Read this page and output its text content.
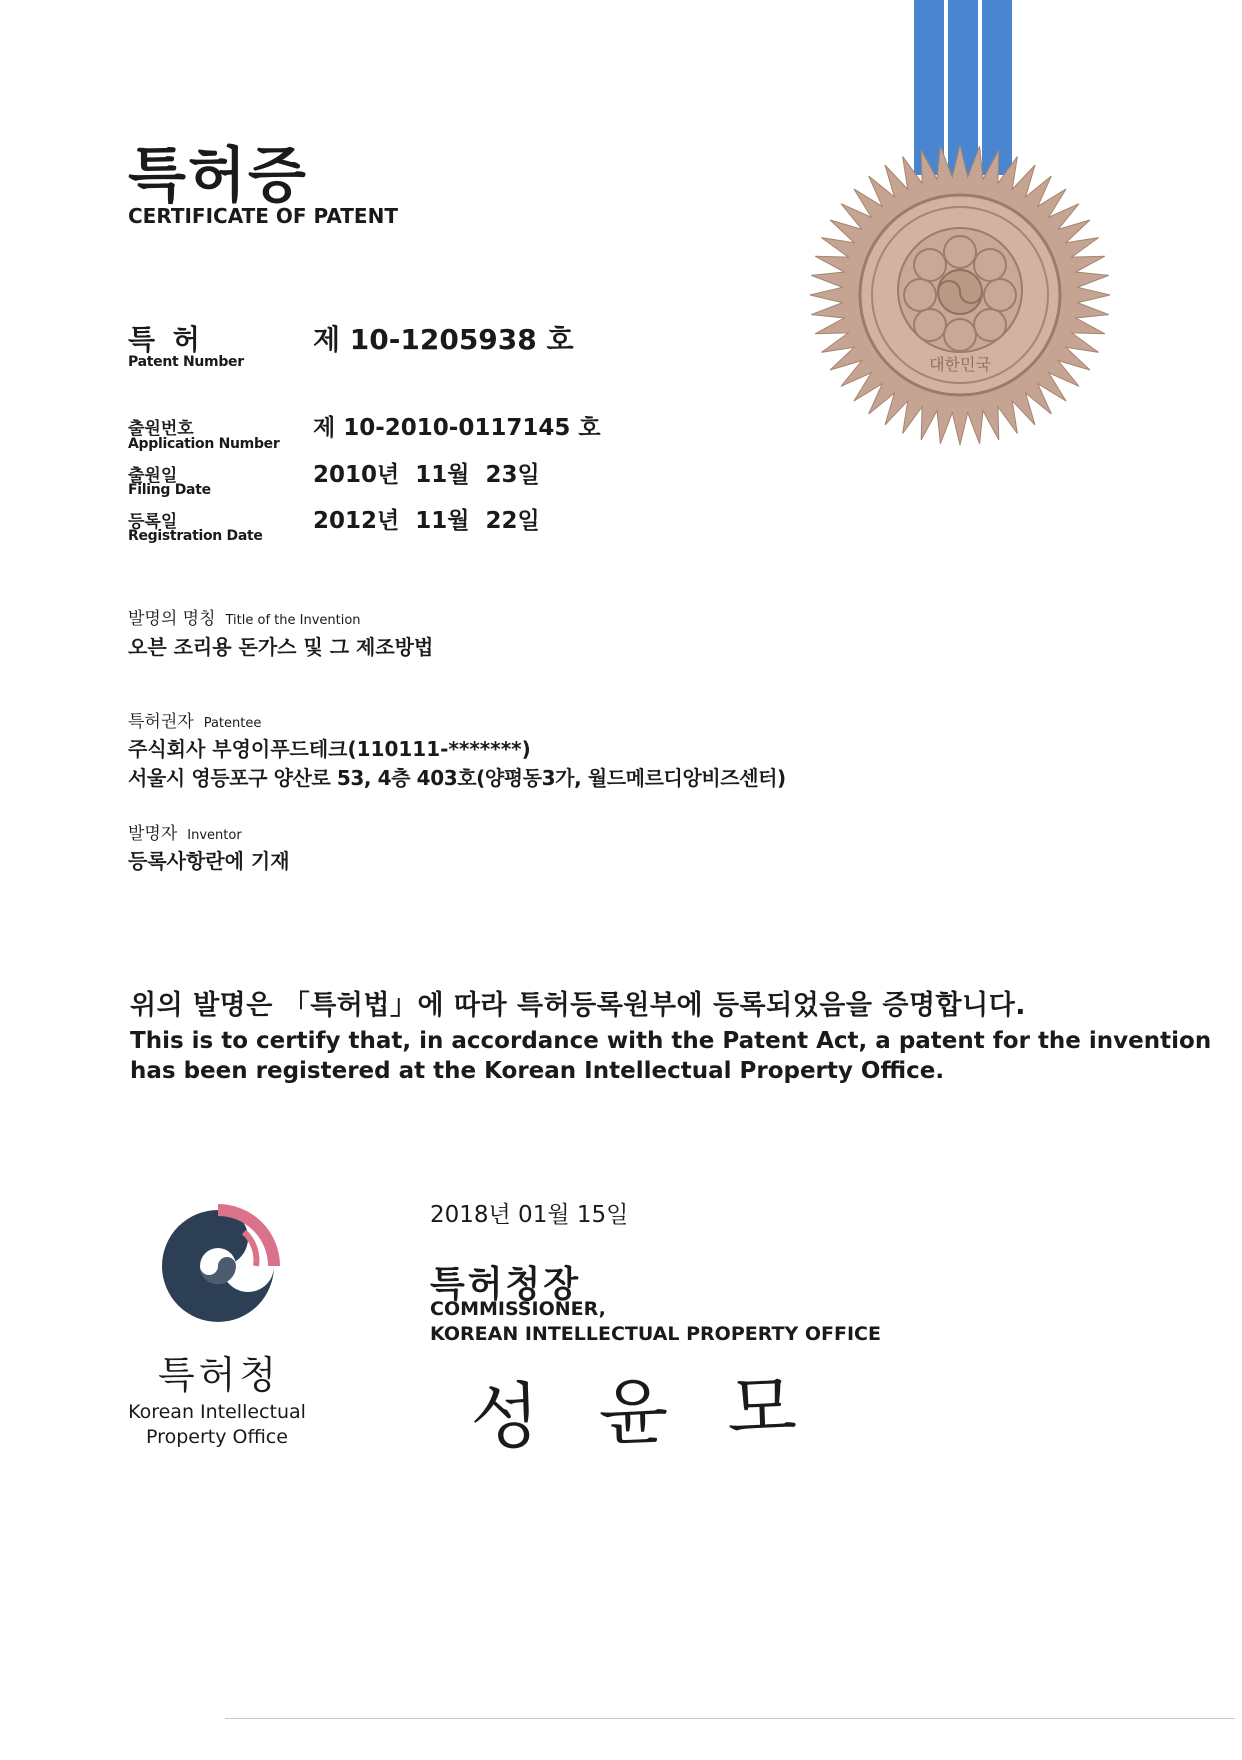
대한민국
특허증
CERTIFICATE OF PATENT
특 허
Patent Number
제 10-1205938 호
출원번호
Application Number
제 10-2010-0117145 호
출원일
Filing Date
2010년  11월  23일
등록일
Registration Date
2012년  11월  22일
발명의 명칭 Title of the Invention
오븐 조리용 돈가스 및 그 제조방법
특허권자 Patentee
주식회사 부영이푸드테크(110111-*******)
서울시 영등포구 양산로 53, 4층 403호(양평동3가, 월드메르디앙비즈센터)
발명자 Inventor
등록사항란에 기재
위의 발명은 「특허법」에 따라 특허등록원부에 등록되었음을 증명합니다.
This is to certify that, in accordance with the Patent Act, a patent for the invention
has been registered at the Korean Intellectual Property Office.
2018년 01월 15일
특허청
Korean Intellectual
Property Office
특허청장
COMMISSIONER,
KOREAN INTELLECTUAL PROPERTY OFFICE
성 윤 모
